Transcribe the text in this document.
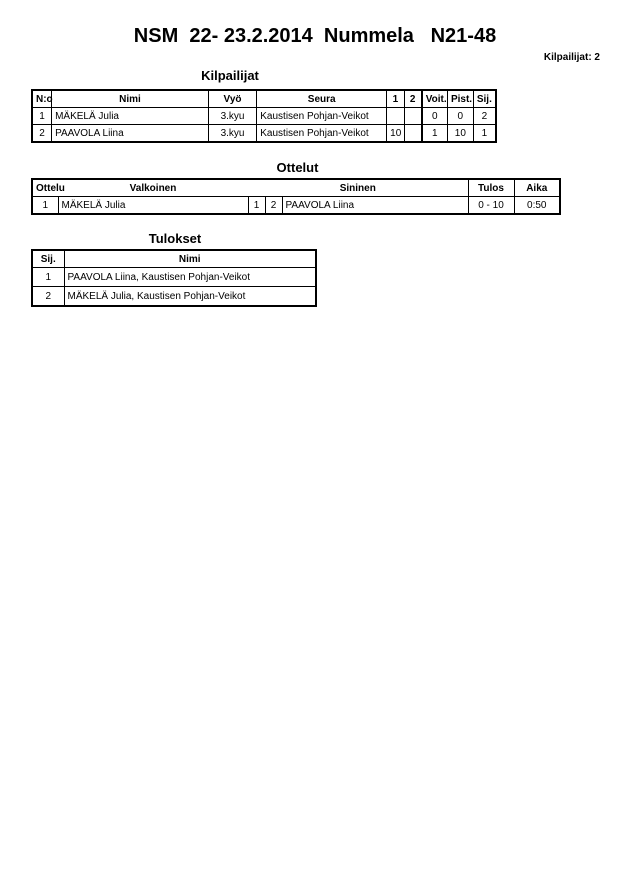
NSM  22- 23.2.2014  Nummela   N21-48
Kilpailijat: 2
Kilpailijat
N:o	Nimi	Vyö	Seura	1	2	Voit.	Pist.	Sij.
1	MÄKELÄ Julia	3.kyu	Kaustisen Pohjan-Veikot			0	0	2
2	PAAVOLA Liina	3.kyu	Kaustisen Pohjan-Veikot	10		1	10	1
Ottelut
Ottelu	Valkoinen	Sininen			Tulos	Aika
1	MÄKELÄ Julia	1	2	PAAVOLA Liina	0 - 10	0:50
Tulokset
Sij.	Nimi
1	PAAVOLA Liina, Kaustisen Pohjan-Veikot
2	MÄKELÄ Julia, Kaustisen Pohjan-Veikot
